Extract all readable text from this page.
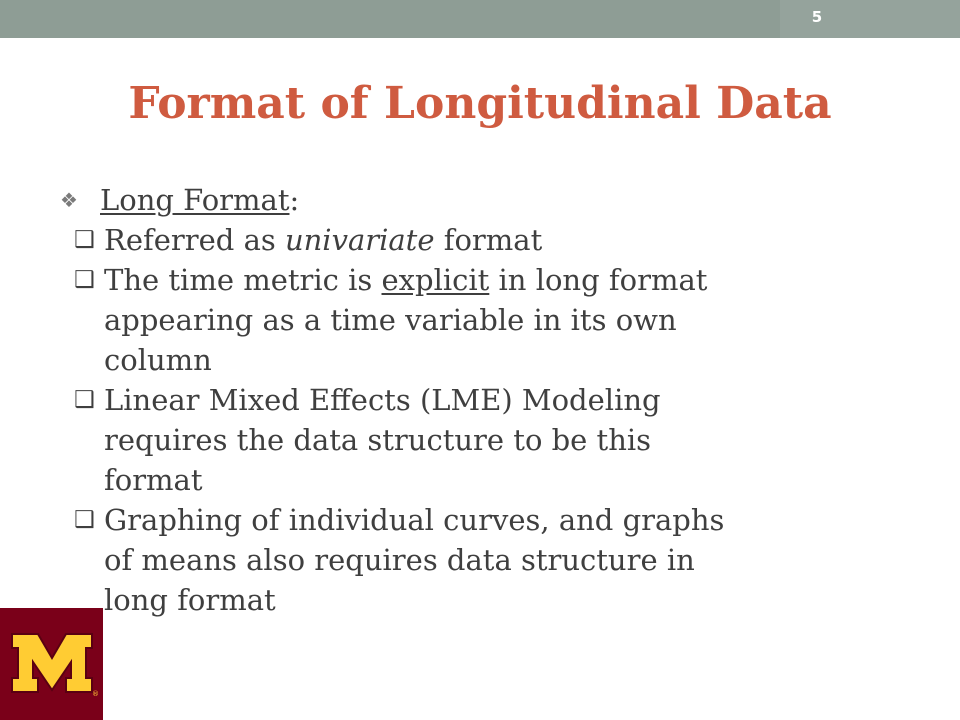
5
Format of Longitudinal Data
❖ Long Format:
❑ Referred as univariate format
❑ The time metric is explicit in long format
appearing as a time variable in its own
column
❑ Linear Mixed Effects (LME) Modeling
requires the data structure to be this
format
❑ Graphing of individual curves, and graphs
of means also requires data structure in
long format
®
